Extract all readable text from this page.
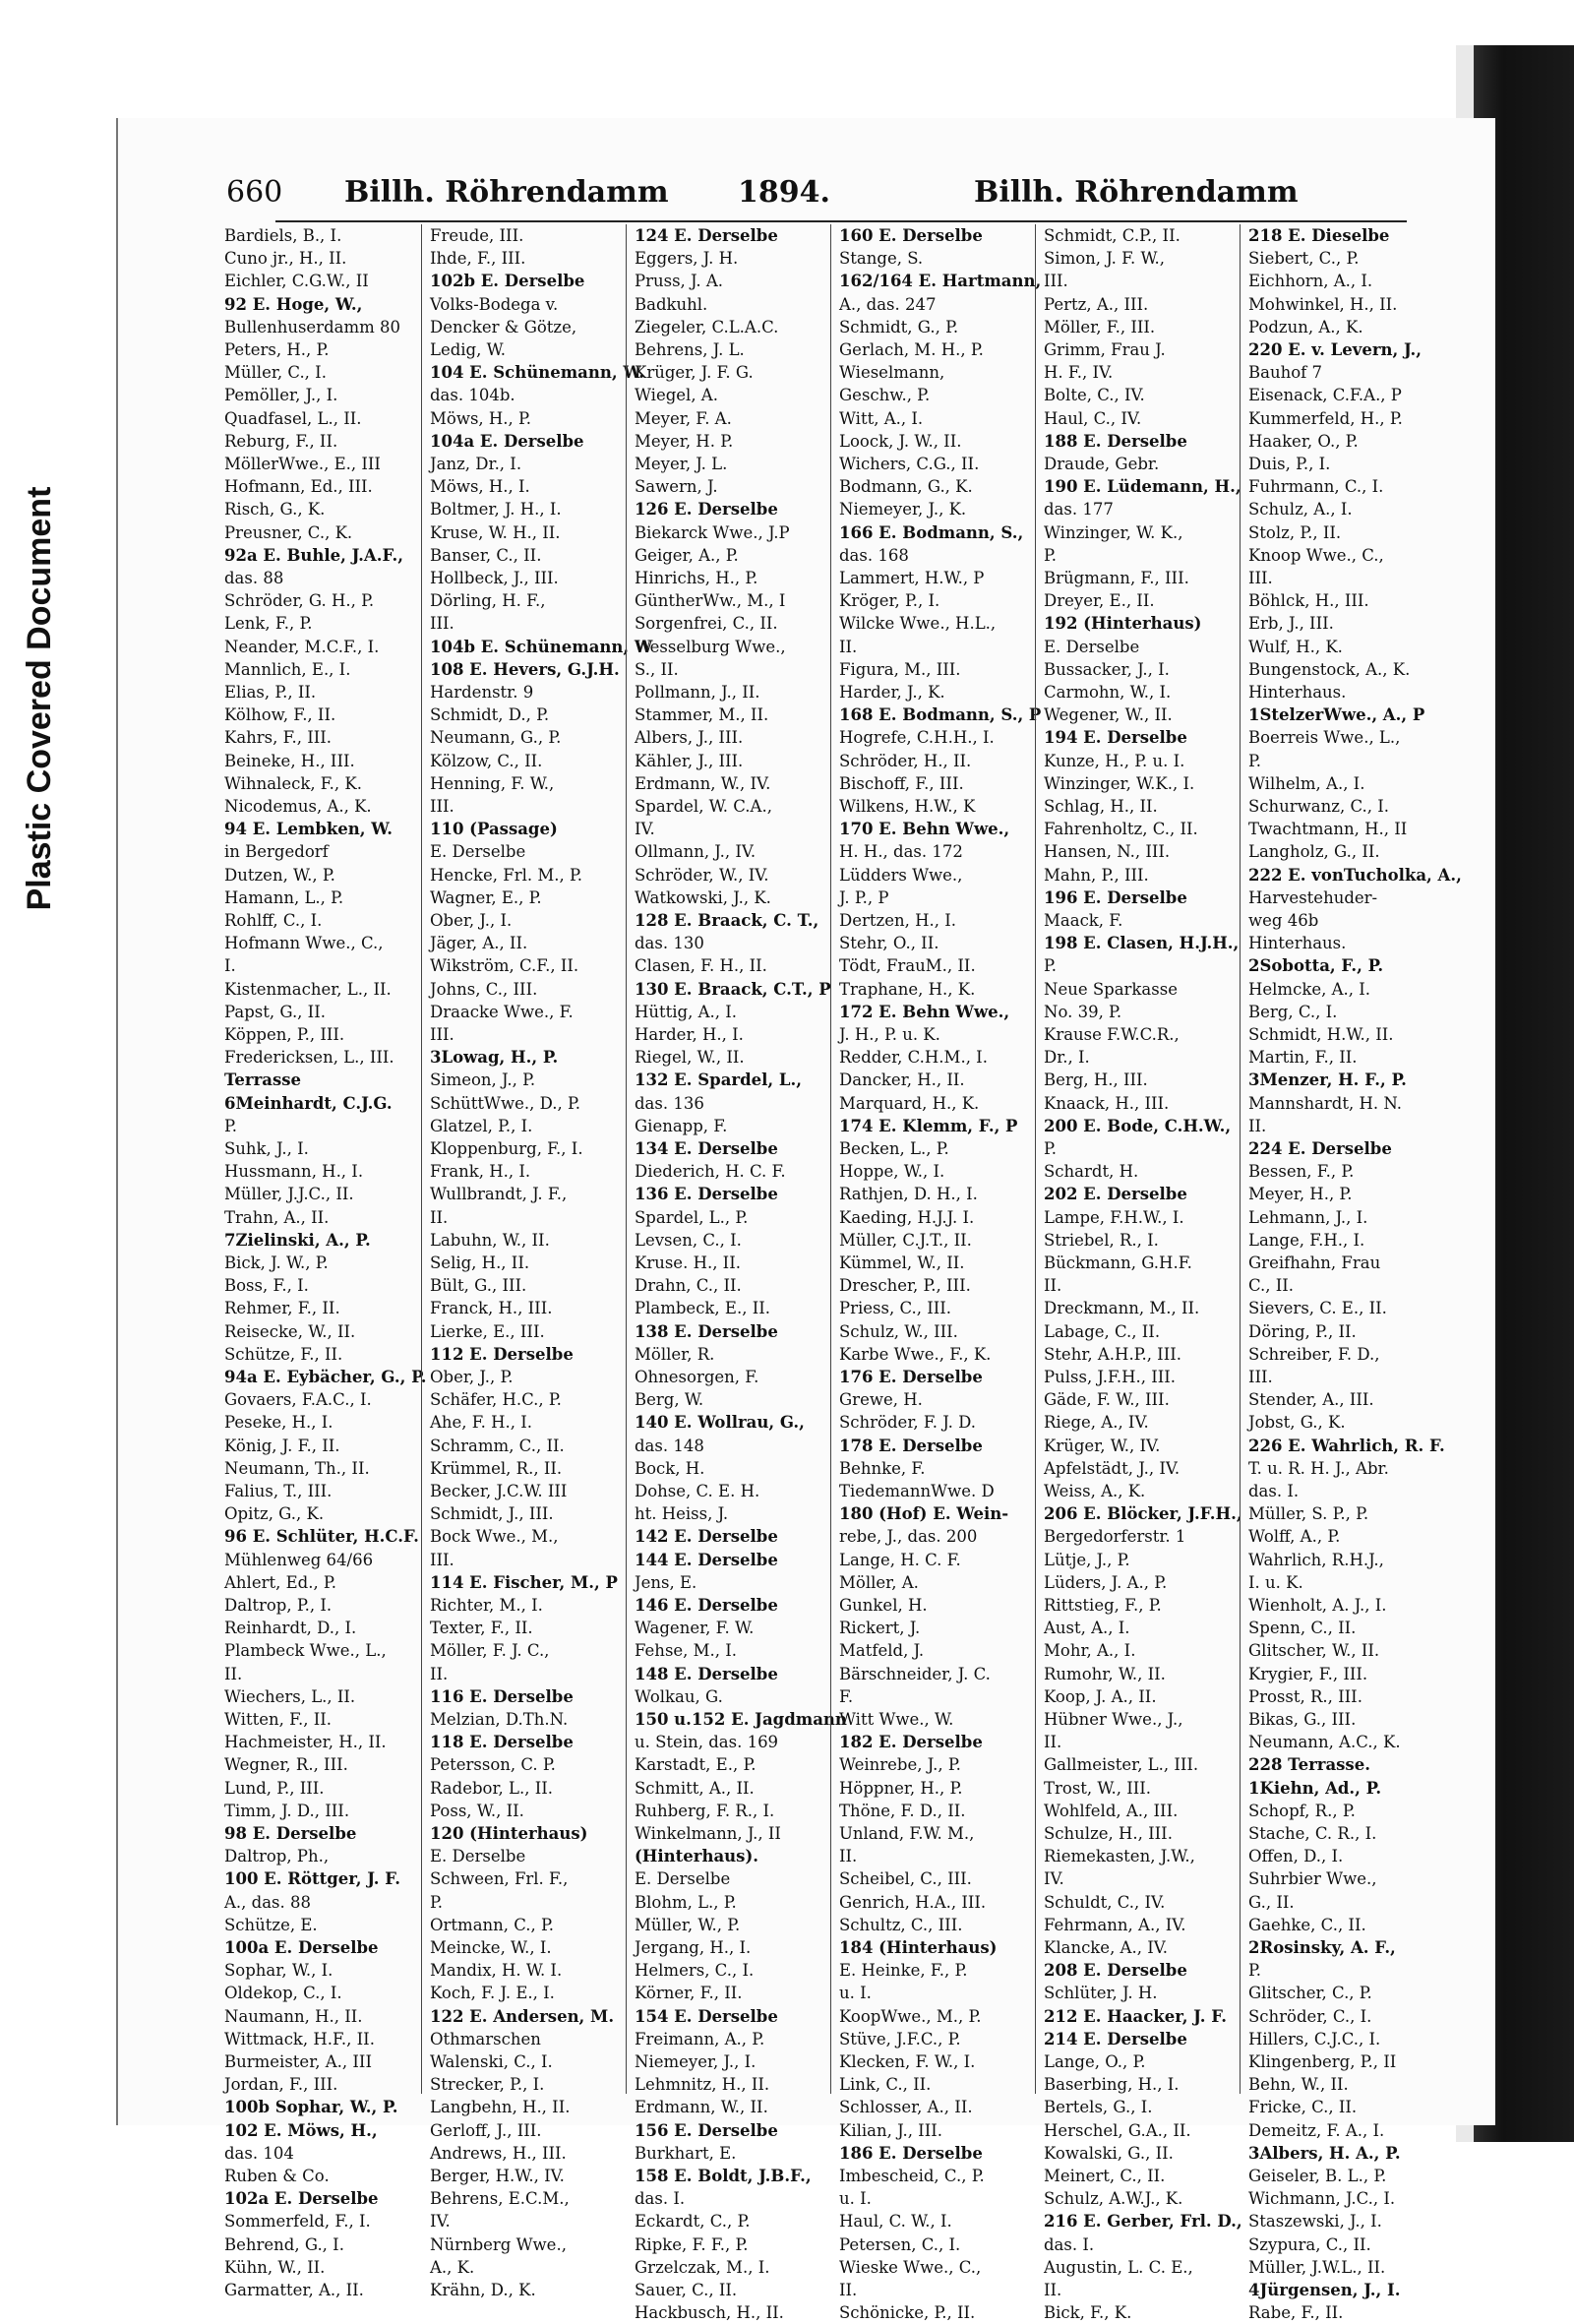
Plastic Covered Document
660 Billh. Röhrendamm 1894.	Billh. Röhrendamm
Bardiels, B., I.
Cuno jr., H., II.
Eichler, C.G.W., II
92 E. Hoge, W.,
Bullenhuserdamm 80
Peters, H., P.
Müller, C., I.
Pemöller, J., I.
Quadfasel, L., II.
Reburg, F., II.
MöllerWwe., E., III
Hofmann, Ed., III.
Risch, G., K.
Preusner, C., K.
92a E. Buhle, J.A.F.,
das. 88
Schröder, G. H., P.
Lenk, F., P.
Neander, M.C.F., I.
Mannlich, E., I.
Elias, P., II.
Kölhow, F., II.
Kahrs, F., III.
Beineke, H., III.
Wihnaleck, F., K.
Nicodemus, A., K.
94 E. Lembken, W.
in Bergedorf
Dutzen, W., P.
Hamann, L., P.
Rohlff, C., I.
Hofmann Wwe., C.,
I.
Kistenmacher, L., II.
Papst, G., II.
Köppen, P., III.
Fredericksen, L., III.
Terrasse
6Meinhardt, C.J.G.
P.
Suhk, J., I.
Hussmann, H., I.
Müller, J.J.C., II.
Trahn, A., II.
7Zielinski, A., P.
Bick, J. W., P.
Boss, F., I.
Rehmer, F., II.
Reisecke, W., II.
Schütze, F., II.
94a E. Eybächer, G., P.
Govaers, F.A.C., I.
Peseke, H., I.
König, J. F., II.
Neumann, Th., II.
Falius, T., III.
Opitz, G., K.
96 E. Schlüter, H.C.F.
Mühlenweg 64/66
Ahlert, Ed., P.
Daltrop, P., I.
Reinhardt, D., I.
Plambeck Wwe., L.,
II.
Wiechers, L., II.
Witten, F., II.
Hachmeister, H., II.
Wegner, R., III.
Lund, P., III.
Timm, J. D., III.
98 E. Derselbe
Daltrop, Ph.,
100 E. Röttger, J. F.
A., das. 88
Schütze, E.
100a E. Derselbe
Sophar, W., I.
Oldekop, C., I.
Naumann, H., II.
Wittmack, H.F., II.
Burmeister, A., III
Jordan, F., III.
100b Sophar, W., P.
102 E. Möws, H.,
das. 104
Ruben & Co.
102a E. Derselbe
Sommerfeld, F., I.
Behrend, G., I.
Kühn, W., II.
Garmatter, A., II.
Freude, III.
Ihde, F., III.
102b E. Derselbe
Volks-Bodega v.
Dencker & Götze,
Ledig, W.
104 E. Schünemann, W.
das. 104b.
Möws, H., P.
104a E. Derselbe
Janz, Dr., I.
Möws, H., I.
Boltmer, J. H., I.
Kruse, W. H., II.
Banser, C., II.
Hollbeck, J., III.
Dörling, H. F.,
III.
104b E. Schünemann, W
108 E. Hevers, G.J.H.
Hardenstr. 9
Schmidt, D., P.
Neumann, G., P.
Kölzow, C., II.
Henning, F. W.,
III.
110 (Passage)
E. Derselbe
Hencke, Frl. M., P.
Wagner, E., P.
Ober, J., I.
Jäger, A., II.
Wikström, C.F., II.
Johns, C., III.
Draacke Wwe., F.
III.
3Lowag, H., P.
Simeon, J., P.
SchüttWwe., D., P.
Glatzel, P., I.
Kloppenburg, F., I.
Frank, H., I.
Wullbrandt, J. F.,
II.
Labuhn, W., II.
Selig, H., II.
Bült, G., III.
Franck, H., III.
Lierke, E., III.
112 E. Derselbe
Ober, J., P.
Schäfer, H.C., P.
Ahe, F. H., I.
Schramm, C., II.
Krümmel, R., II.
Becker, J.C.W. III
Schmidt, J., III.
Bock Wwe., M.,
III.
114 E. Fischer, M., P
Richter, M., I.
Texter, F., II.
Möller, F. J. C.,
II.
116 E. Derselbe
Melzian, D.Th.N.
118 E. Derselbe
Petersson, C. P.
Radebor, L., II.
Poss, W., II.
120 (Hinterhaus)
E. Derselbe
Schween, Frl. F.,
P.
Ortmann, C., P.
Meincke, W., I.
Mandix, H. W. I.
Koch, F. J. E., I.
122 E. Andersen, M.
Othmarschen
Walenski, C., I.
Strecker, P., I.
Langbehn, H., II.
Gerloff, J., III.
Andrews, H., III.
Berger, H.W., IV.
Behrens, E.C.M.,
IV.
Nürnberg Wwe.,
A., K.
Krähn, D., K.
124 E. Derselbe
Eggers, J. H.
Pruss, J. A.
Badkuhl.
Ziegeler, C.L.A.C.
Behrens, J. L.
Krüger, J. F. G.
Wiegel, A.
Meyer, F. A.
Meyer, H. P.
Meyer, J. L.
Sawern, J.
126 E. Derselbe
Biekarck Wwe., J.P
Geiger, A., P.
Hinrichs, H., P.
GüntherWw., M., I
Sorgenfrei, C., II.
Wesselburg Wwe.,
S., II.
Pollmann, J., II.
Stammer, M., II.
Albers, J., III.
Kähler, J., III.
Erdmann, W., IV.
Spardel, W. C.A.,
IV.
Ollmann, J., IV.
Schröder, W., IV.
Watkowski, J., K.
128 E. Braack, C. T.,
das. 130
Clasen, F. H., II.
130 E. Braack, C.T., P
Hüttig, A., I.
Harder, H., I.
Riegel, W., II.
132 E. Spardel, L.,
das. 136
Gienapp, F.
134 E. Derselbe
Diederich, H. C. F.
136 E. Derselbe
Spardel, L., P.
Levsen, C., I.
Kruse. H., II.
Drahn, C., II.
Plambeck, E., II.
138 E. Derselbe
Möller, R.
Ohnesorgen, F.
Berg, W.
140 E. Wollrau, G.,
das. 148
Bock, H.
Dohse, C. E. H.
ht. Heiss, J.
142 E. Derselbe
144 E. Derselbe
Jens, E.
146 E. Derselbe
Wagener, F. W.
Fehse, M., I.
148 E. Derselbe
Wolkau, G.
150 u.152 E. Jagdmann
u. Stein, das. 169
Karstadt, E., P.
Schmitt, A., II.
Ruhberg, F. R., I.
Winkelmann, J., II
(Hinterhaus).
E. Derselbe
Blohm, L., P.
Müller, W., P.
Jergang, H., I.
Helmers, C., I.
Körner, F., II.
154 E. Derselbe
Freimann, A., P.
Niemeyer, J., I.
Lehmnitz, H., II.
Erdmann, W., II.
156 E. Derselbe
Burkhart, E.
158 E. Boldt, J.B.F.,
das. I.
Eckardt, C., P.
Ripke, F. F., P.
Grzelczak, M., I.
Sauer, C., II.
Hackbusch, H., II.
160 E. Derselbe
Stange, S.
162/164 E. Hartmann,
A., das. 247
Schmidt, G., P.
Gerlach, M. H., P.
Wieselmann,
Geschw., P.
Witt, A., I.
Loock, J. W., II.
Wichers, C.G., II.
Bodmann, G., K.
Niemeyer, J., K.
166 E. Bodmann, S.,
das. 168
Lammert, H.W., P
Kröger, P., I.
Wilcke Wwe., H.L.,
II.
Figura, M., III.
Harder, J., K.
168 E. Bodmann, S., P
Hogrefe, C.H.H., I.
Schröder, H., II.
Bischoff, F., III.
Wilkens, H.W., K
170 E. Behn Wwe.,
H. H., das. 172
Lüdders Wwe.,
J. P., P
Dertzen, H., I.
Stehr, O., II.
Tödt, FrauM., II.
Traphane, H., K.
172 E. Behn Wwe.,
J. H., P. u. K.
Redder, C.H.M., I.
Dancker, H., II.
Marquard, H., K.
174 E. Klemm, F., P
Becken, L., P.
Hoppe, W., I.
Rathjen, D. H., I.
Kaeding, H.J.J. I.
Müller, C.J.T., II.
Kümmel, W., II.
Drescher, P., III.
Priess, C., III.
Schulz, W., III.
Karbe Wwe., F., K.
176 E. Derselbe
Grewe, H.
Schröder, F. J. D.
178 E. Derselbe
Behnke, F.
TiedemannWwe. D
180 (Hof) E. Wein-
rebe, J., das. 200
Lange, H. C. F.
Möller, A.
Gunkel, H.
Rickert, J.
Matfeld, J.
Bärschneider, J. C.
F.
Witt Wwe., W.
182 E. Derselbe
Weinrebe, J., P.
Höppner, H., P.
Thöne, F. D., II.
Unland, F.W. M.,
II.
Scheibel, C., III.
Genrich, H.A., III.
Schultz, C., III.
184 (Hinterhaus)
E. Heinke, F., P.
u. I.
KoopWwe., M., P.
Stüve, J.F.C., P.
Klecken, F. W., I.
Link, C., II.
Schlosser, A., II.
Kilian, J., III.
186 E. Derselbe
Imbescheid, C., P.
u. I.
Haul, C. W., I.
Petersen, C., I.
Wieske Wwe., C.,
II.
Schönicke, P., II.
Schmidt, C.P., II.
Simon, J. F. W.,
III.
Pertz, A., III.
Möller, F., III.
Grimm, Frau J.
H. F., IV.
Bolte, C., IV.
Haul, C., IV.
188 E. Derselbe
Draude, Gebr.
190 E. Lüdemann, H.,
das. 177
Winzinger, W. K.,
P.
Brügmann, F., III.
Dreyer, E., II.
192 (Hinterhaus)
E. Derselbe
Bussacker, J., I.
Carmohn, W., I.
Wegener, W., II.
194 E. Derselbe
Kunze, H., P. u. I.
Winzinger, W.K., I.
Schlag, H., II.
Fahrenholtz, C., II.
Hansen, N., III.
Mahn, P., III.
196 E. Derselbe
Maack, F.
198 E. Clasen, H.J.H.,
P.
Neue Sparkasse
No. 39, P.
Krause F.W.C.R.,
Dr., I.
Berg, H., III.
Knaack, H., III.
200 E. Bode, C.H.W.,
P.
Schardt, H.
202 E. Derselbe
Lampe, F.H.W., I.
Striebel, R., I.
Bückmann, G.H.F.
II.
Dreckmann, M., II.
Labage, C., II.
Stehr, A.H.P., III.
Pulss, J.F.H., III.
Gäde, F. W., III.
Riege, A., IV.
Krüger, W., IV.
Apfelstädt, J., IV.
Weiss, A., K.
206 E. Blöcker, J.F.H.,
Bergedorferstr. 1
Lütje, J., P.
Lüders, J. A., P.
Rittstieg, F., P.
Aust, A., I.
Mohr, A., I.
Rumohr, W., II.
Koop, J. A., II.
Hübner Wwe., J.,
II.
Gallmeister, L., III.
Trost, W., III.
Wohlfeld, A., III.
Schulze, H., III.
Riemekasten, J.W.,
IV.
Schuldt, C., IV.
Fehrmann, A., IV.
Klancke, A., IV.
208 E. Derselbe
Schlüter, J. H.
212 E. Haacker, J. F.
214 E. Derselbe
Lange, O., P.
Baserbing, H., I.
Bertels, G., I.
Herschel, G.A., II.
Kowalski, G., II.
Meinert, C., II.
Schulz, A.W.J., K.
216 E. Gerber, Frl. D.,
das. I.
Augustin, L. C. E.,
II.
Bick, F., K.
218 E. Dieselbe
Siebert, C., P.
Eichhorn, A., I.
Mohwinkel, H., II.
Podzun, A., K.
220 E. v. Levern, J.,
Bauhof 7
Eisenack, C.F.A., P
Kummerfeld, H., P.
Haaker, O., P.
Duis, P., I.
Fuhrmann, C., I.
Schulz, A., I.
Stolz, P., II.
Knoop Wwe., C.,
III.
Böhlck, H., III.
Erb, J., III.
Wulf, H., K.
Bungenstock, A., K.
Hinterhaus.
1StelzerWwe., A., P
Boerreis Wwe., L.,
P.
Wilhelm, A., I.
Schurwanz, C., I.
Twachtmann, H., II
Langholz, G., II.
222 E. vonTucholka, A.,
Harvestehuder-
weg 46b
Hinterhaus.
2Sobotta, F., P.
Helmcke, A., I.
Berg, C., I.
Schmidt, H.W., II.
Martin, F., II.
3Menzer, H. F., P.
Mannshardt, H. N.
II.
224 E. Derselbe
Bessen, F., P.
Meyer, H., P.
Lehmann, J., I.
Lange, F.H., I.
Greifhahn, Frau
C., II.
Sievers, C. E., II.
Döring, P., II.
Schreiber, F. D.,
III.
Stender, A., III.
Jobst, G., K.
226 E. Wahrlich, R. F.
T. u. R. H. J., Abr.
das. I.
Müller, S. P., P.
Wolff, A., P.
Wahrlich, R.H.J.,
I. u. K.
Wienholt, A. J., I.
Spenn, C., II.
Glitscher, W., II.
Krygier, F., III.
Prosst, R., III.
Bikas, G., III.
Neumann, A.C., K.
228 Terrasse.
1Kiehn, Ad., P.
Schopf, R., P.
Stache, C. R., I.
Offen, D., I.
Suhrbier Wwe.,
G., II.
Gaehke, C., II.
2Rosinsky, A. F.,
P.
Glitscher, C., P.
Schröder, C., I.
Hillers, C.J.C., I.
Klingenberg, P., II
Behn, W., II.
Fricke, C., II.
Demeitz, F. A., I.
3Albers, H. A., P.
Geiseler, B. L., P.
Wichmann, J.C., I.
Staszewski, J., I.
Szypura, C., II.
Müller, J.W.L., II.
4Jürgensen, J., I.
Rabe, F., II.
